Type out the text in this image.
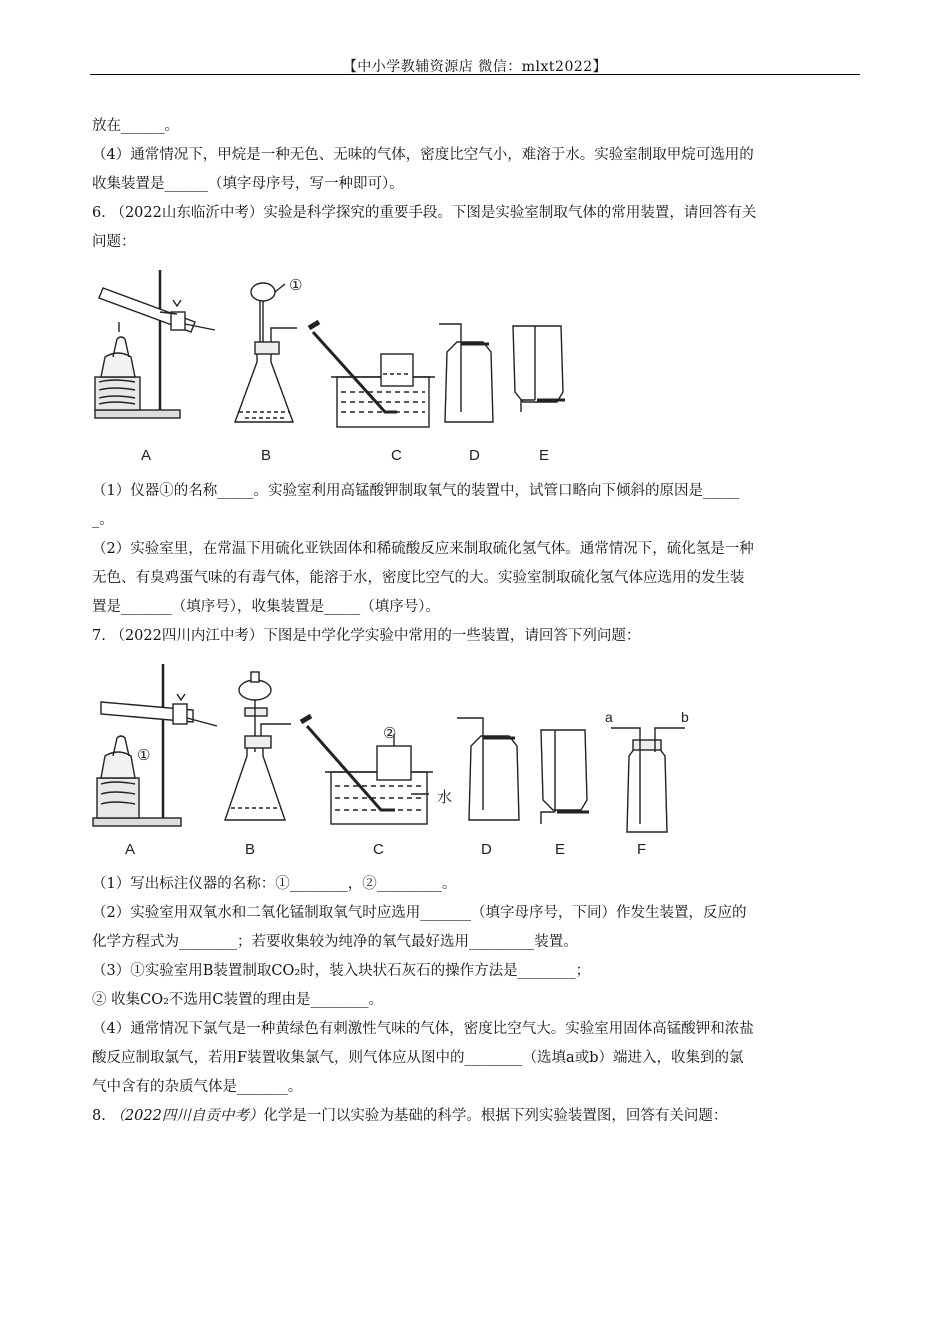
【中小学教辅资源店 微信：mlxt2022】
放在______。
（4）通常情况下，甲烷是一种无色、无味的气体，密度比空气小，难溶于水。实验室制取甲烷可选用的
收集装置是______（填字母序号，写一种即可）。
6. （2022山东临沂中考）实验是科学探究的重要手段。下图是实验室制取气体的常用装置，请回答有关
问题：
①
A	B	C	D	E
（1）仪器①的名称_____。实验室利用高锰酸钾制取氧气的装置中，试管口略向下倾斜的原因是_____
_。
（2）实验室里，在常温下用硫化亚铁固体和稀硫酸反应来制取硫化氢气体。通常情况下，硫化氢是一种
无色、有臭鸡蛋气味的有毒气体，能溶于水，密度比空气的大。实验室制取硫化氢气体应选用的发生装
置是_______（填序号），收集装置是_____（填序号）。
7. （2022四川内江中考）下图是中学化学实验中常用的一些装置，请回答下列问题：
①
②
水
a	b
A	B	C	D	E	F
（1）写出标注仪器的名称：①________，②_________。
（2）实验室用双氧水和二氧化锰制取氧气时应选用_______（填字母序号，下同）作发生装置，反应的
化学方程式为________；若要收集较为纯净的氧气最好选用_________装置。
（3）①实验室用B装置制取CO₂时，装入块状石灰石的操作方法是________；
② 收集CO₂不选用C装置的理由是________。
（4）通常情况下氯气是一种黄绿色有刺激性气味的气体，密度比空气大。实验室用固体高锰酸钾和浓盐
酸反应制取氯气，若用F装置收集氯气，则气体应从图中的________（选填a或b）端进入，收集到的氯
气中含有的杂质气体是_______。
8. （2022四川自贡中考）化学是一门以实验为基础的科学。根据下列实验装置图，回答有关问题：
